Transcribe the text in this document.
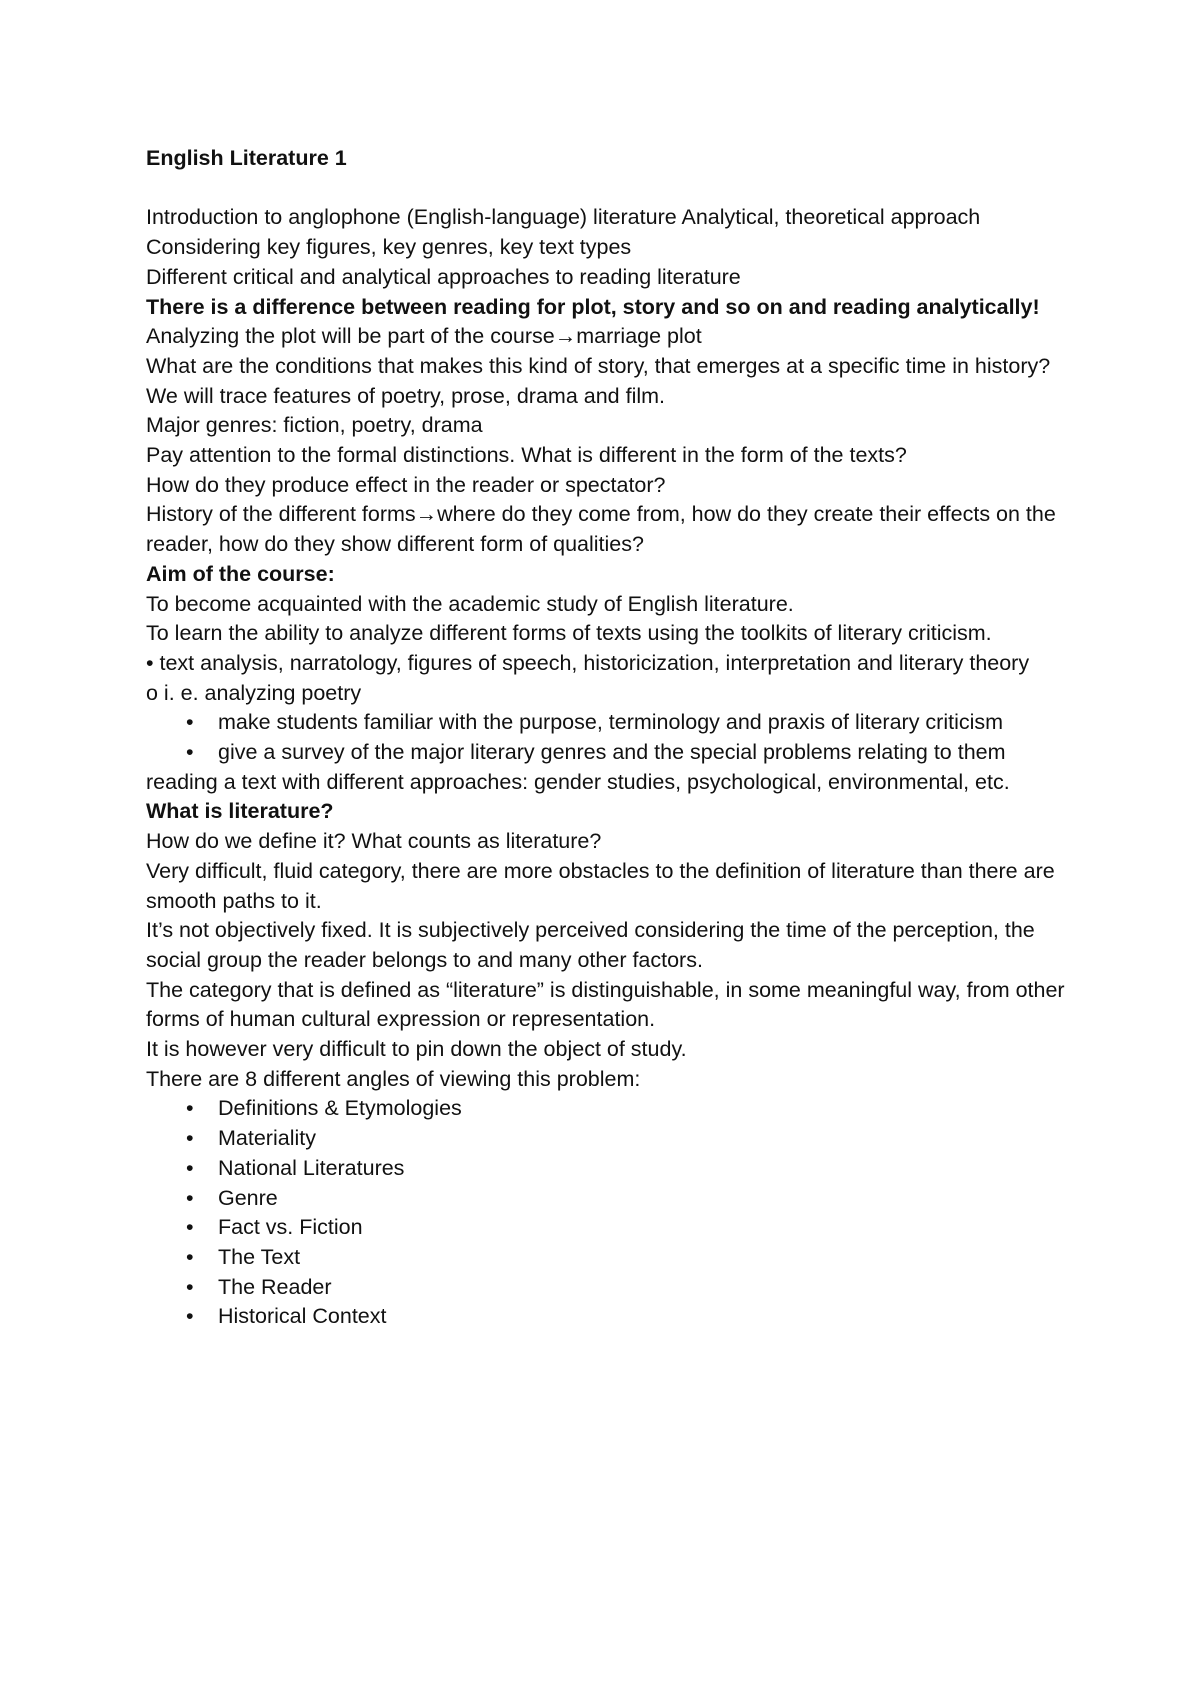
English Literature 1

Introduction to anglophone (English-language) literature Analytical, theoretical approach

Considering key figures, key genres, key text types

Different critical and analytical approaches to reading literature

There is a difference between reading for plot, story and so on and reading analytically!

Analyzing the plot will be part of the course→marriage plot

What are the conditions that makes this kind of story, that emerges at a specific time in history?

We will trace features of poetry, prose, drama and film.

Major genres: fiction, poetry, drama

Pay attention to the formal distinctions. What is different in the form of the texts?

How do they produce effect in the reader or spectator?

History of the different forms→where do they come from, how do they create their effects on the reader, how do they show different form of qualities?

Aim of the course:

To become acquainted with the academic study of English literature.

To learn the ability to analyze different forms of texts using the toolkits of literary criticism.

• text analysis, narratology, figures of speech, historicization, interpretation and literary theory

o i. e. analyzing poetry

• make students familiar with the purpose, terminology and praxis of literary criticism
• give a survey of the major literary genres and the special problems relating to them

reading a text with different approaches: gender studies, psychological, environmental, etc.

What is literature?

How do we define it? What counts as literature?

Very difficult, fluid category, there are more obstacles to the definition of literature than there are smooth paths to it.

It’s not objectively fixed. It is subjectively perceived considering the time of the perception, the social group the reader belongs to and many other factors.

The category that is defined as “literature” is distinguishable, in some meaningful way, from other forms of human cultural expression or representation.

It is however very difficult to pin down the object of study.

There are 8 different angles of viewing this problem:

• Definitions & Etymologies
• Materiality
• National Literatures
• Genre
• Fact vs. Fiction
• The Text
• The Reader
• Historical Context
